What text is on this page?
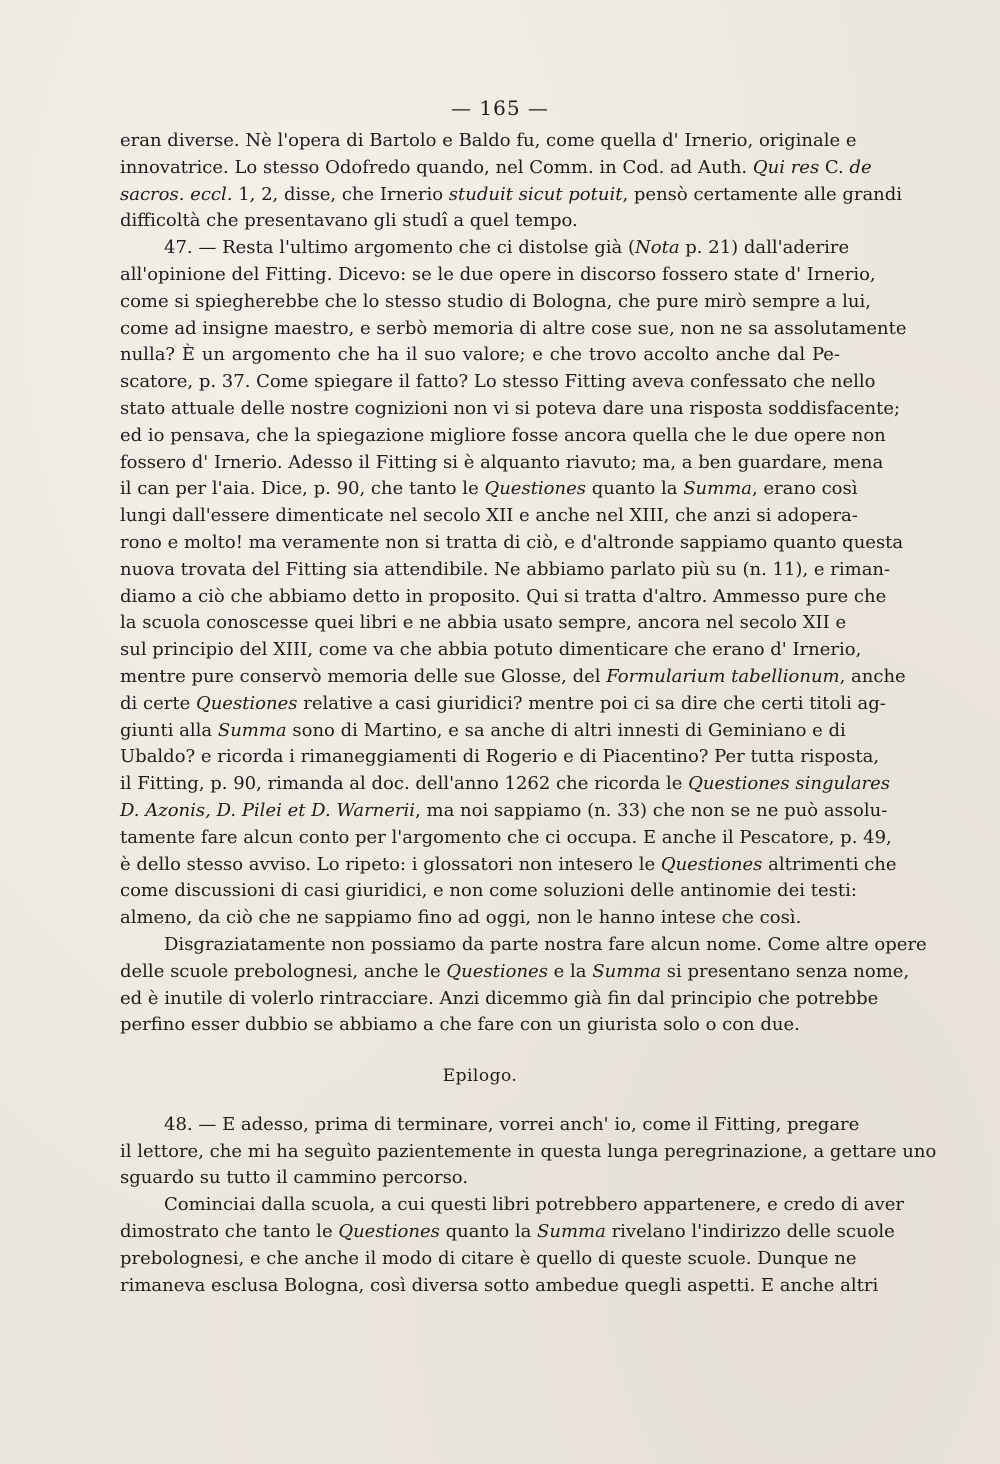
— 165 —
eran diverse. Nè l'opera di Bartolo e Baldo fu, come quella d' Irnerio, originale e
innovatrice. Lo stesso Odofredo quando, nel Comm. in Cod. ad Auth. Qui res C. de
sacros. eccl. 1, 2, disse, che Irnerio studuit sicut potuit, pensò certamente alle grandi
difficoltà che presentavano gli studî a quel tempo.
47. — Resta l'ultimo argomento che ci distolse già (Nota p. 21) dall'aderire
all'opinione del Fitting. Dicevo: se le due opere in discorso fossero state d' Irnerio,
come si spiegherebbe che lo stesso studio di Bologna, che pure mirò sempre a lui,
come ad insigne maestro, e serbò memoria di altre cose sue, non ne sa assolutamente
nulla? È un argomento che ha il suo valore; e che trovo accolto anche dal Pe-
scatore, p. 37. Come spiegare il fatto? Lo stesso Fitting aveva confessato che nello
stato attuale delle nostre cognizioni non vi si poteva dare una risposta soddisfacente;
ed io pensava, che la spiegazione migliore fosse ancora quella che le due opere non
fossero d' Irnerio. Adesso il Fitting si è alquanto riavuto; ma, a ben guardare, mena
il can per l'aia. Dice, p. 90, che tanto le Questiones quanto la Summa, erano così
lungi dall'essere dimenticate nel secolo XII e anche nel XIII, che anzi si adopera-
rono e molto! ma veramente non si tratta di ciò, e d'altronde sappiamo quanto questa
nuova trovata del Fitting sia attendibile. Ne abbiamo parlato più su (n. 11), e riman-
diamo a ciò che abbiamo detto in proposito. Qui si tratta d'altro. Ammesso pure che
la scuola conoscesse quei libri e ne abbia usato sempre, ancora nel secolo XII e
sul principio del XIII, come va che abbia potuto dimenticare che erano d' Irnerio,
mentre pure conservò memoria delle sue Glosse, del Formularium tabellionum, anche
di certe Questiones relative a casi giuridici? mentre poi ci sa dire che certi titoli ag-
giunti alla Summa sono di Martino, e sa anche di altri innesti di Geminiano e di
Ubaldo? e ricorda i rimaneggiamenti di Rogerio e di Piacentino? Per tutta risposta,
il Fitting, p. 90, rimanda al doc. dell'anno 1262 che ricorda le Questiones singulares
D. Azonis, D. Pilei et D. Warnerii, ma noi sappiamo (n. 33) che non se ne può assolu-
tamente fare alcun conto per l'argomento che ci occupa. E anche il Pescatore, p. 49,
è dello stesso avviso. Lo ripeto: i glossatori non intesero le Questiones altrimenti che
come discussioni di casi giuridici, e non come soluzioni delle antinomie dei testi:
almeno, da ciò che ne sappiamo fino ad oggi, non le hanno intese che così.
Disgraziatamente non possiamo da parte nostra fare alcun nome. Come altre opere
delle scuole prebolognesi, anche le Questiones e la Summa si presentano senza nome,
ed è inutile di volerlo rintracciare. Anzi dicemmo già fin dal principio che potrebbe
perfino esser dubbio se abbiamo a che fare con un giurista solo o con due.
Epilogo.
48. — E adesso, prima di terminare, vorrei anch' io, come il Fitting, pregare
il lettore, che mi ha seguìto pazientemente in questa lunga peregrinazione, a gettare uno
sguardo su tutto il cammino percorso.
Cominciai dalla scuola, a cui questi libri potrebbero appartenere, e credo di aver
dimostrato che tanto le Questiones quanto la Summa rivelano l'indirizzo delle scuole
prebolognesi, e che anche il modo di citare è quello di queste scuole. Dunque ne
rimaneva esclusa Bologna, così diversa sotto ambedue quegli aspetti. E anche altri
